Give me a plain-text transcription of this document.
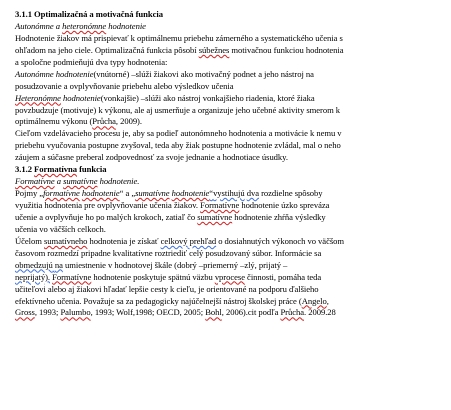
3.1.1 Optimalizačná a motivačná funkcia
Autonómne a heteronómne hodnotenie
Hodnotenie žiakov má prispievať k optimálnemu priebehu zámerného a systematického učenia s
ohľadom na jeho ciele. Optimalizačná funkcia pôsobí súbežnes motivačnou funkciou hodnotenia
a spoločne podmieňujú dva typy hodnotenia:
Autonómne hodnotenie(vnútorné) –slúži žiakovi ako motivačný podnet a jeho nástroj na
posudzovanie a ovplyvňovanie priebehu alebo výsledkov učenia
Heteronómne hodnotenie(vonkajšie) –slúži ako nástroj vonkajšieho riadenia, ktoré žiaka
povzbudzuje (motivuje) k výkonu, ale aj usmerňuje a organizuje jeho učebné aktivity smerom k
optimálnemu výkonu (Průcha, 2009).
Cieľom vzdelávacieho procesu je, aby sa podieľ autonómneho hodnotenia a motivácie k nemu v
priebehu vyučovania postupne zvyšoval, teda aby žiak postupne hodnotenie zvládal, mal o neho
záujem a súčasne preberal zodpovednosť za svoje jednanie a hodnotiace úsudky.
3.1.2 Formatívna funkcia
Formatívne a sumatívne hodnotenie.
Pojmy „formatívne hodnotenie“ a „sumatívne hodnotenie“vystihujú dva rozdielne spôsoby
využitia hodnotenia pre ovplyvňovanie učenia žiakov. Formatívne hodnotenie úzko spreváza
učenie a ovplyvňuje ho po malých krokoch, zatiaľ čo sumatívne hodnotenie zhŕňa výsledky
učenia vo väčších celkoch.
Účelom sumatívneho hodnotenia je získať celkový prehľad o dosiahnutých výkonoch vo väčšom
časovom rozmedzí pripadne kvalitatívne roztriediť celý posudzovaný súbor. Informácie sa
obmedzujú na umiestnenie v hodnotovej škále (dobrý –priemerný –zlý, prijatý –
neprijatý). Formatívne hodnotenie poskytuje spätnú väzbu vprocese činnosti, pomáha teda
učiteľovi alebo aj žiakovi hľadať lepšie cesty k cieľu, je orientované na podporu ďalšieho
efektívneho učenia. Považuje sa za pedagogicky najúčelnejší nástroj školskej práce (Angelo,
Gross, 1993; Palumbo, 1993; Wolf,1998; OECD, 2005; Bohl, 2006).cit podľa Průcha. 2009.28
